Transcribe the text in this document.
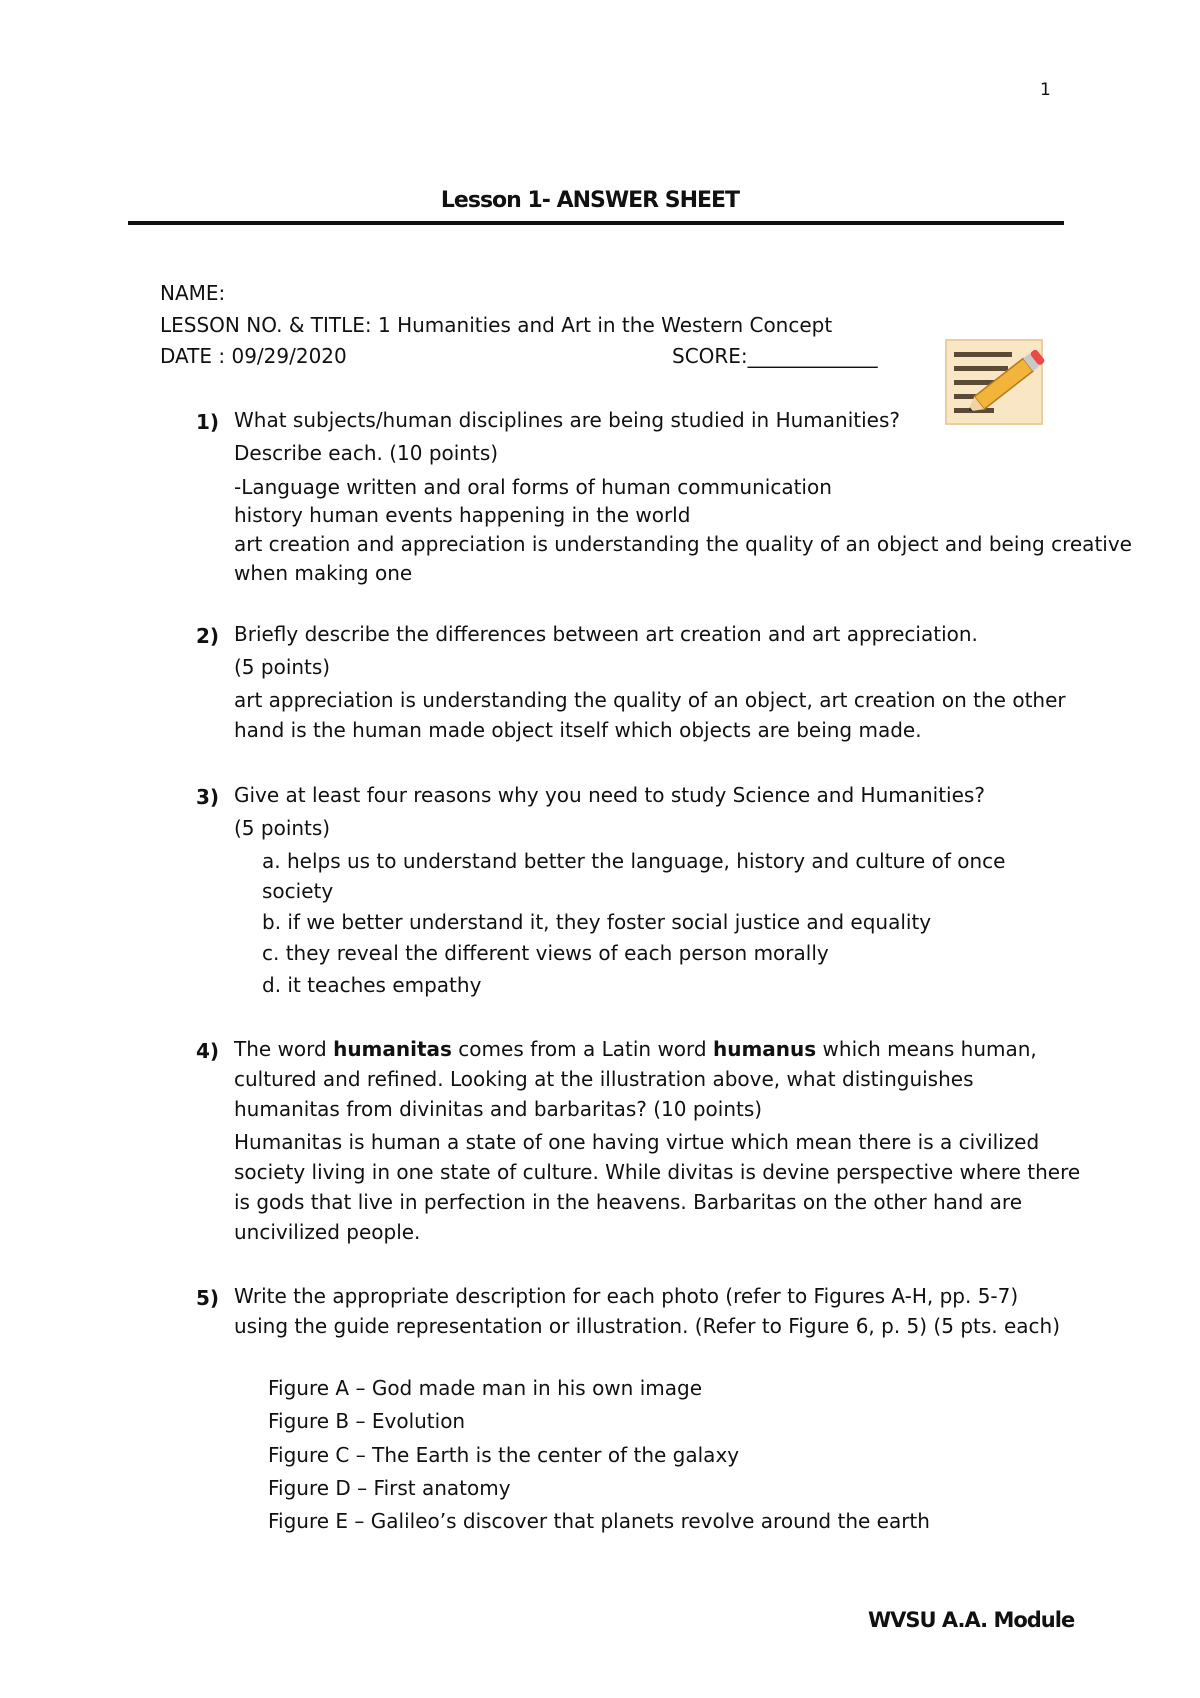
1
Lesson 1- ANSWER SHEET
NAME:
LESSON NO. & TITLE: 1 Humanities and Art in the Western Concept
DATE : 09/29/2020	SCORE:_____________
1) What subjects/human disciplines are being studied in Humanities?
Describe each. (10 points)
-Language written and oral forms of human communication
history human events happening in the world
art creation and appreciation is understanding the quality of an object and being creative
when making one
2) Briefly describe the differences between art creation and art appreciation.
(5 points)
art appreciation is understanding the quality of an object, art creation on the other
hand is the human made object itself which objects are being made.
3) Give at least four reasons why you need to study Science and Humanities?
(5 points)
a. helps us to understand better the language, history and culture of once
society
b. if we better understand it, they foster social justice and equality
c. they reveal the different views of each person morally
d. it teaches empathy
4) The word humanitas comes from a Latin word humanus which means human,
cultured and refined. Looking at the illustration above, what distinguishes
humanitas from divinitas and barbaritas? (10 points)
Humanitas is human a state of one having virtue which mean there is a civilized
society living in one state of culture. While divitas is devine perspective where there
is gods that live in perfection in the heavens. Barbaritas on the other hand are
uncivilized people.
5) Write the appropriate description for each photo (refer to Figures A-H, pp. 5-7)
using the guide representation or illustration. (Refer to Figure 6, p. 5) (5 pts. each)
Figure A – God made man in his own image
Figure B – Evolution
Figure C – The Earth is the center of the galaxy
Figure D – First anatomy
Figure E – Galileo’s discover that planets revolve around the earth
WVSU A.A. Module
